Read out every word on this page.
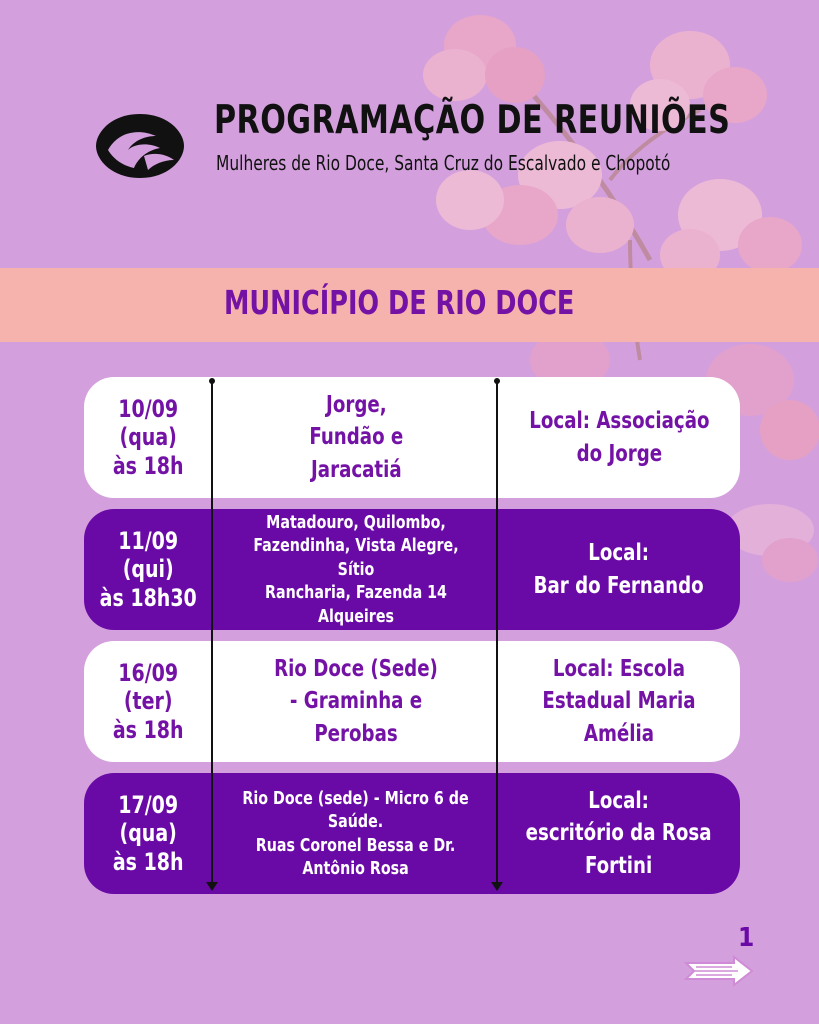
PROGRAMAÇÃO DE REUNIÕES
Mulheres de Rio Doce, Santa Cruz do Escalvado e Chopotó
MUNICÍPIO DE RIO DOCE
10/09
(qua)
às 18h
Jorge,
Fundão e
Jaracatiá
Local: Associação
do Jorge
11/09
(qui)
às 18h30
Matadouro, Quilombo,
Fazendinha, Vista Alegre, Sítio
Rancharia, Fazenda 14
Alqueires
Local:
Bar do Fernando
16/09
(ter)
às 18h
Rio Doce (Sede)
- Graminha e
Perobas
Local: Escola
Estadual Maria
Amélia
17/09
(qua)
às 18h
Rio Doce (sede) - Micro 6 de
Saúde.
Ruas Coronel Bessa e Dr.
Antônio Rosa
Local:
escritório da Rosa
Fortini
1
